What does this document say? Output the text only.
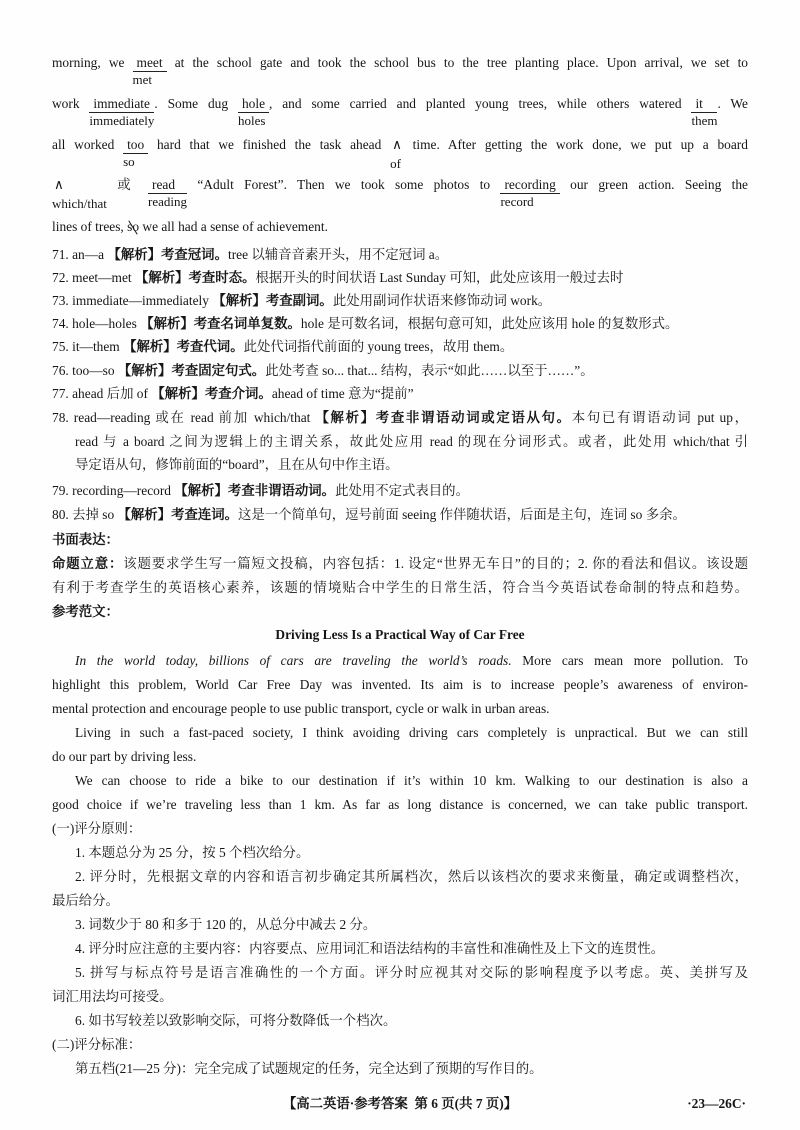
morning, we meet
met
at the school gate and took the school bus to the tree planting place. Upon arrival, we set to
work immediate
immediately
. Some dug hole
holes
, and some carried and planted young trees, while others watered it
them
. We
all worked too
so
hard that we finished the task ahead ∧
of
time. After getting the work done, we put up a board
∧
which/that
或 read
reading
“Adult Forest”. Then we took some photos to recording
record
our green action. Seeing the
lines of trees, so we all had a sense of achievement.
71. an—a 【解析】考查冠词。tree 以辅音音素开头，用不定冠词 a。
72. meet—met 【解析】考查时态。根据开头的时间状语 Last Sunday 可知，此处应该用一般过去时
73. immediate—immediately 【解析】考查副词。此处用副词作状语来修饰动词 work。
74. hole—holes 【解析】考查名词单复数。hole 是可数名词，根据句意可知，此处应该用 hole 的复数形式。
75. it—them 【解析】考查代词。此处代词指代前面的 young trees，故用 them。
76. too—so 【解析】考查固定句式。此处考查 so... that... 结构，表示“如此……以至于……”。
77. ahead 后加 of 【解析】考查介词。ahead of time 意为“提前”
78. read—reading 或在 read 前加 which/that 【解析】考查非谓语动词或定语从句。本句已有谓语动词 put up，
read 与 a board 之间为逻辑上的主谓关系，故此处应用 read 的现在分词形式。或者，此处用 which/that 引
导定语从句，修饰前面的“board”，且在从句中作主语。
79. recording—record 【解析】考查非谓语动词。此处用不定式表目的。
80. 去掉 so 【解析】考查连词。这是一个简单句，逗号前面 seeing 作伴随状语，后面是主句，连词 so 多余。
书面表达：
命题立意：该题要求学生写一篇短文投稿，内容包括：1. 设定“世界无车日”的目的；2. 你的看法和倡议。该设题
有利于考查学生的英语核心素养，该题的情境贴合中学生的日常生活，符合当今英语试卷命制的特点和趋势。
参考范文：
Driving Less Is a Practical Way of Car Free
In the world today, billions of cars are traveling the world’s roads. More cars mean more pollution. To
highlight this problem, World Car Free Day was invented. Its aim is to increase people’s awareness of environ-
mental protection and encourage people to use public transport, cycle or walk in urban areas.
Living in such a fast-paced society, I think avoiding driving cars completely is unpractical. But we can still
do our part by driving less.
We can choose to ride a bike to our destination if it’s within 10 km. Walking to our destination is also a
good choice if we’re traveling less than 1 km. As far as long distance is concerned, we can take public transport.
(一)评分原则：
1. 本题总分为 25 分，按 5 个档次给分。
2. 评分时，先根据文章的内容和语言初步确定其所属档次，然后以该档次的要求来衡量，确定或调整档次，
最后给分。
3. 词数少于 80 和多于 120 的，从总分中减去 2 分。
4. 评分时应注意的主要内容：内容要点、应用词汇和语法结构的丰富性和准确性及上下文的连贯性。
5. 拼写与标点符号是语言准确性的一个方面。评分时应视其对交际的影响程度予以考虑。英、美拼写及
词汇用法均可接受。
6. 如书写较差以致影响交际，可将分数降低一个档次。
(二)评分标准：
第五档(21—25 分)：完全完成了试题规定的任务，完全达到了预期的写作目的。
【高二英语·参考答案  第 6 页(共 7 页)】	·23—26C·
